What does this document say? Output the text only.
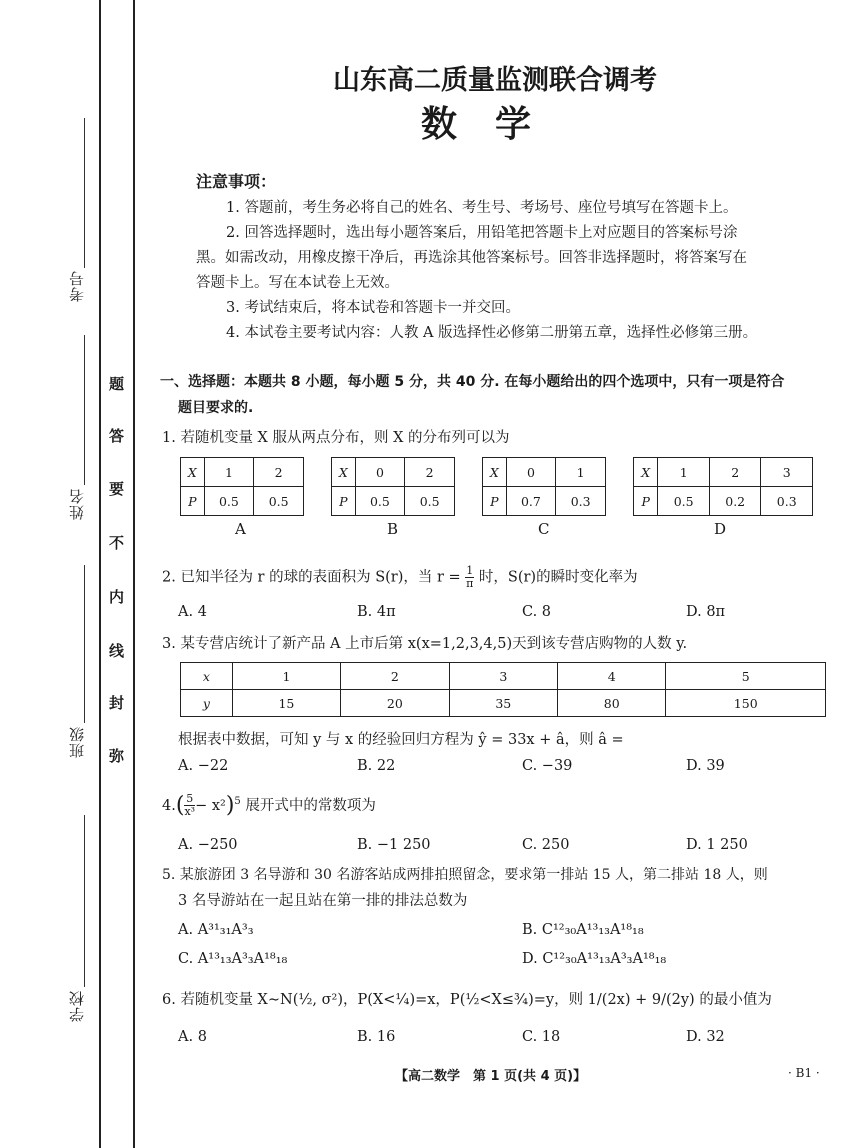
考号
姓名
班级
学校
题
答
要
不
内
线
封
弥
山东高二质量监测联合调考
数学
注意事项：
1. 答题前，考生务必将自己的姓名、考生号、考场号、座位号填写在答题卡上。
2. 回答选择题时，选出每小题答案后，用铅笔把答题卡上对应题目的答案标号涂
黑。如需改动，用橡皮擦干净后，再选涂其他答案标号。回答非选择题时，将答案写在
答题卡上。写在本试卷上无效。
3. 考试结束后，将本试卷和答题卡一并交回。
4. 本试卷主要考试内容：人教 A 版选择性必修第二册第五章，选择性必修第三册。
一、选择题：本题共 8 小题，每小题 5 分，共 40 分. 在每小题给出的四个选项中，只有一项是符合
题目要求的.
1. 若随机变量 X 服从两点分布，则 X 的分布列可以为
X	1	2
P	0.5	0.5
A
X	0	2
P	0.5	0.5
B
X	0	1
P	0.7	0.3
C
X	1	2	3
P	0.5	0.2	0.3
D
2. 已知半径为 r 的球的表面积为 S(r)，当 $r = \frac{1}{\pi}$ 时，S(r)的瞬时变化率为
A. 4	B. 4π	C. 8	D. 8π
3. 某专营店统计了新产品 A 上市后第 x(x=1,2,3,4,5)天到该专营店购物的人数 y.
x	1	2	3	4	5
y	15	20	35	80	150
根据表中数据，可知 y 与 x 的经验回归方程为 ŷ = 33x + â，则 â =
A. −22	B. 22	C. −39	D. 39
$4.( \frac{5}{\text{x³}} - x^2)^5$ 展开式中的常数项为
A. −250	B. −1 250	C. 250	D. 1 250
5. 某旅游团 3 名导游和 30 名游客站成两排拍照留念，要求第一排站 15 人，第二排站 18 人，则
3 名导游站在一起且站在第一排的排法总数为
A. A³¹₃₁A³₃	B. C¹²₃₀A¹³₁₃A¹⁸₁₈
C. A¹³₁₃A³₃A¹⁸₁₈	D. C¹²₃₀A¹³₁₃A³₃A¹⁸₁₈
6. 若随机变量 X∼N(½, σ²)，P(X<¼)=x，P(½<X≤¾)=y，则 1/(2x) + 9/(2y) 的最小值为
A. 8	B. 16	C. 18	D. 32
【高二数学　第 1 页(共 4 页)】	· B1 ·
